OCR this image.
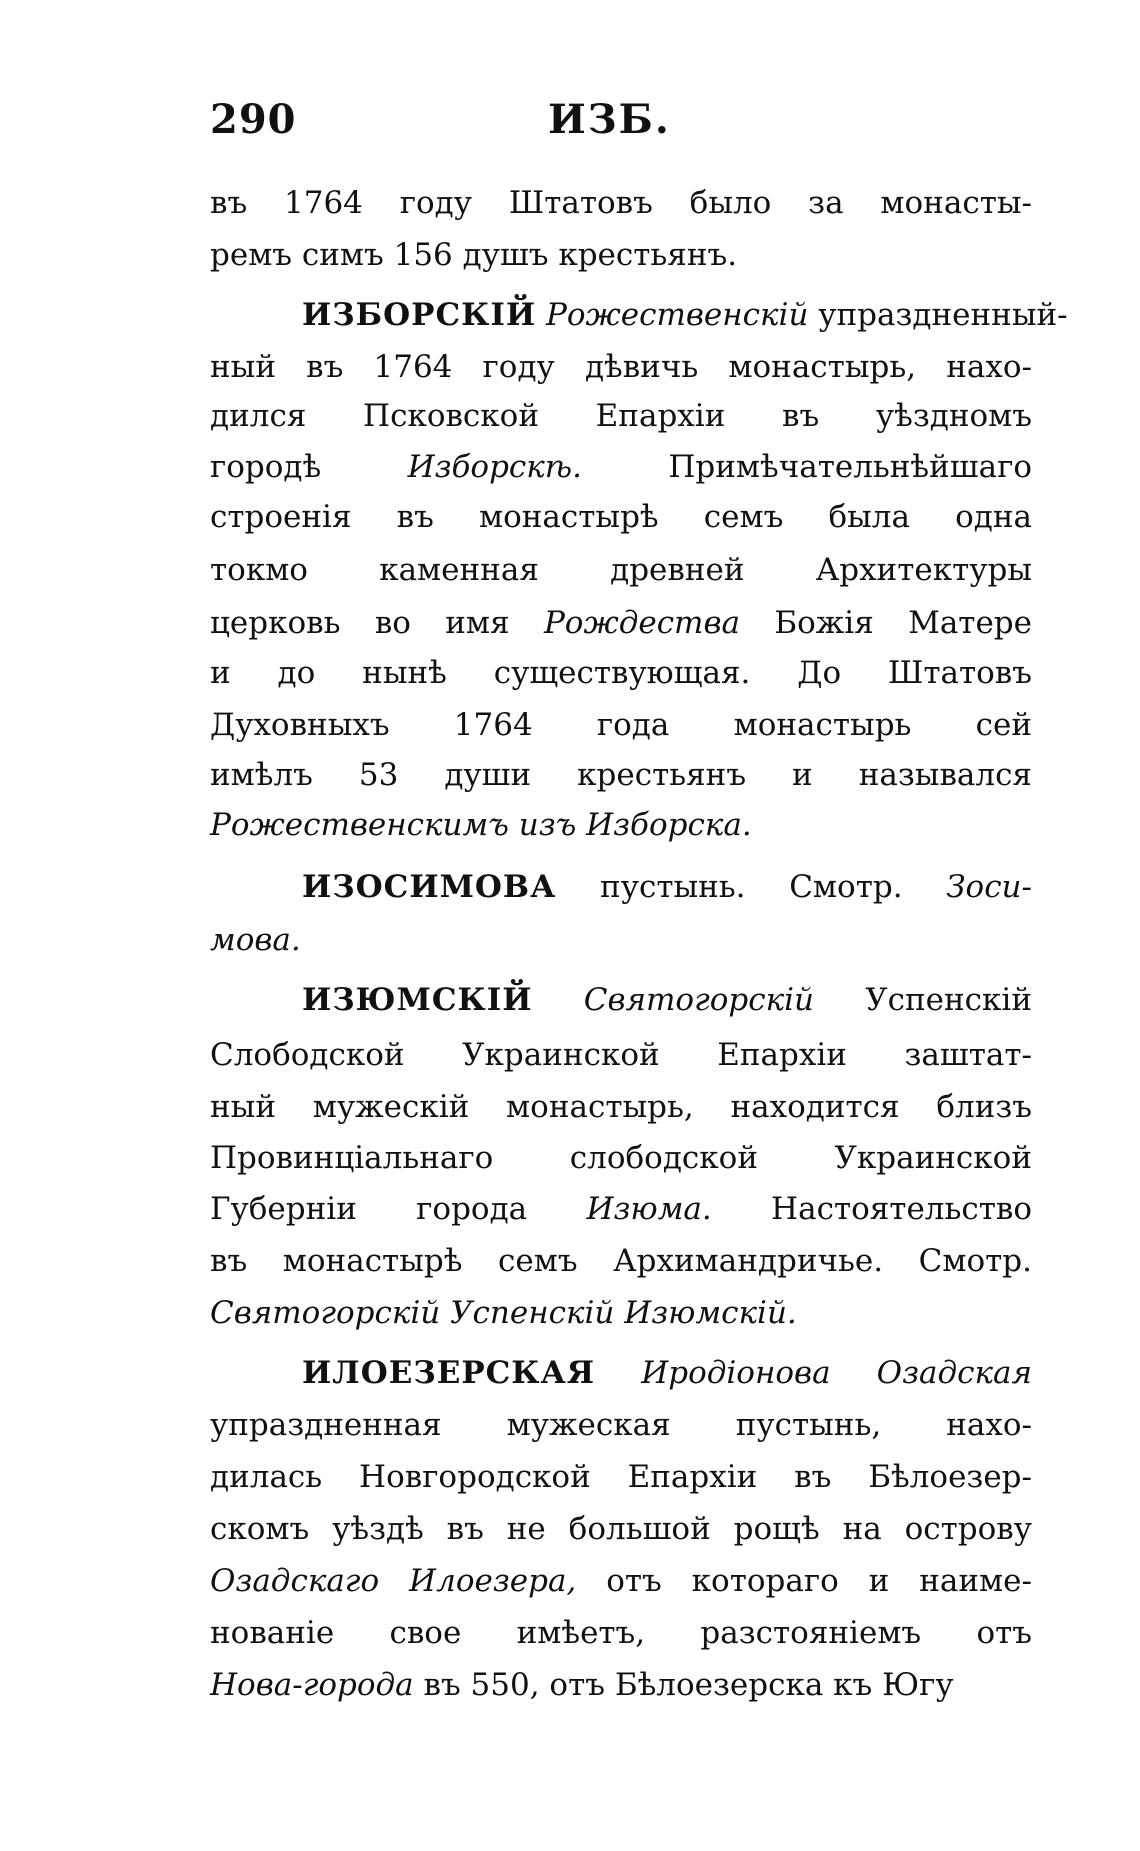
290	ИЗБ.
въ 1764 году Штатовъ было за монасты-
ремъ симъ 156 душъ крестьянъ.
ИЗБОРСКІЙ Рожественскій упраздненный-
ный въ 1764 году дѣвичь монастырь, нахо-
дился Псковской Епархіи въ уѣздномъ
городѣ Изборскѣ. Примѣчательнѣйшаго
строенія въ монастырѣ семъ была одна
токмо каменная древней Архитектуры
церковь во имя Рождества Божія Матере
и до нынѣ существующая. До Штатовъ
Духовныхъ 1764 года монастырь сей
имѣлъ 53 души крестьянъ и назывался
Рожественскимъ изъ Изборска.
ИЗОСИМОВА пустынь. Смотр. Зоси-
мова.
ИЗЮМСКІЙ Святогорскій Успенскій
Слободской Украинской Епархіи заштат-
ный мужескій монастырь, находится близъ
Провинціальнаго слободской Украинской
Губерніи города Изюма. Настоятельство
въ монастырѣ семъ Архимандричье. Смотр.
Святогорскій Успенскій Изюмскій.
ИЛОЕЗЕРСКАЯ Иродіонова Озадская
упраздненная мужеская пустынь, нахо-
дилась Новгородской Епархіи въ Бѣлоезер-
скомъ уѣздѣ въ не большой рощѣ на острову
Озадскаго Илоезера, отъ котораго и наиме-
нованіе свое имѣетъ, разстояніемъ отъ
Нова-города въ 550, отъ Бѣлоезерска къ Югу
